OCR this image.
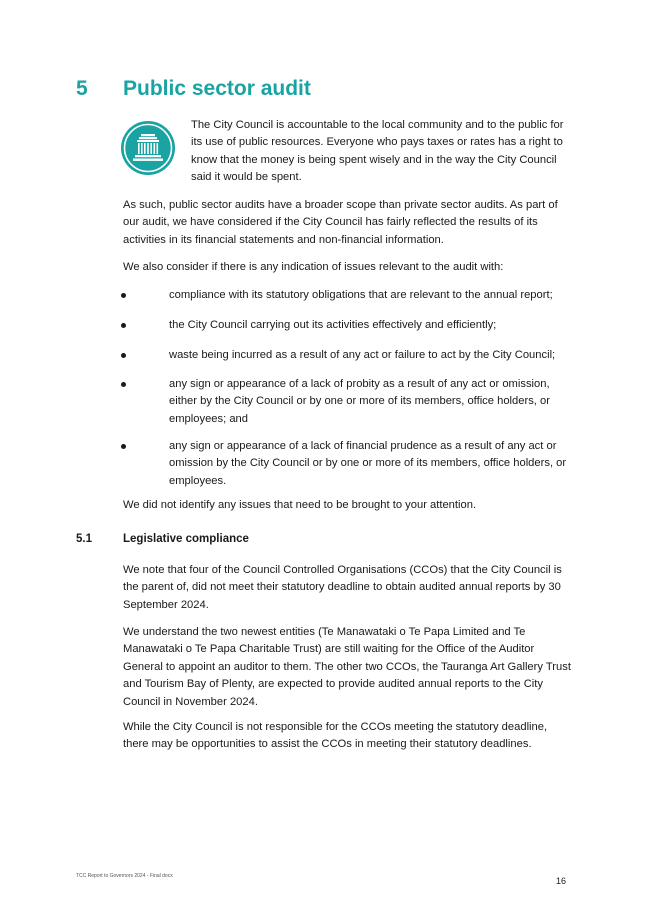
5 Public sector audit

The City Council is accountable to the local community and to the public for its use of public resources. Everyone who pays taxes or rates has a right to know that the money is being spent wisely and in the way the City Council said it would be spent.

As such, public sector audits have a broader scope than private sector audits. As part of our audit, we have considered if the City Council has fairly reflected the results of its activities in its financial statements and non-financial information.

We also consider if there is any indication of issues relevant to the audit with:

compliance with its statutory obligations that are relevant to the annual report;

the City Council carrying out its activities effectively and efficiently;

waste being incurred as a result of any act or failure to act by the City Council;

any sign or appearance of a lack of probity as a result of any act or omission, either by the City Council or by one or more of its members, office holders, or employees; and

any sign or appearance of a lack of financial prudence as a result of any act or omission by the City Council or by one or more of its members, office holders, or employees.

We did not identify any issues that need to be brought to your attention.

5.1	Legislative compliance

We note that four of the Council Controlled Organisations (CCOs) that the City Council is the parent of, did not meet their statutory deadline to obtain audited annual reports by 30 September 2024.

We understand the two newest entities (Te Manawataki o Te Papa Limited and Te Manawataki o Te Papa Charitable Trust) are still waiting for the Office of the Auditor General to appoint an auditor to them. The other two CCOs, the Tauranga Art Gallery Trust and Tourism Bay of Plenty, are expected to provide audited annual reports to the City Council in November 2024.

While the City Council is not responsible for the CCOs meeting the statutory deadline, there may be opportunities to assist the CCOs in meeting their statutory deadlines.

TCC Report to Governors 2024 - Final docx	16
